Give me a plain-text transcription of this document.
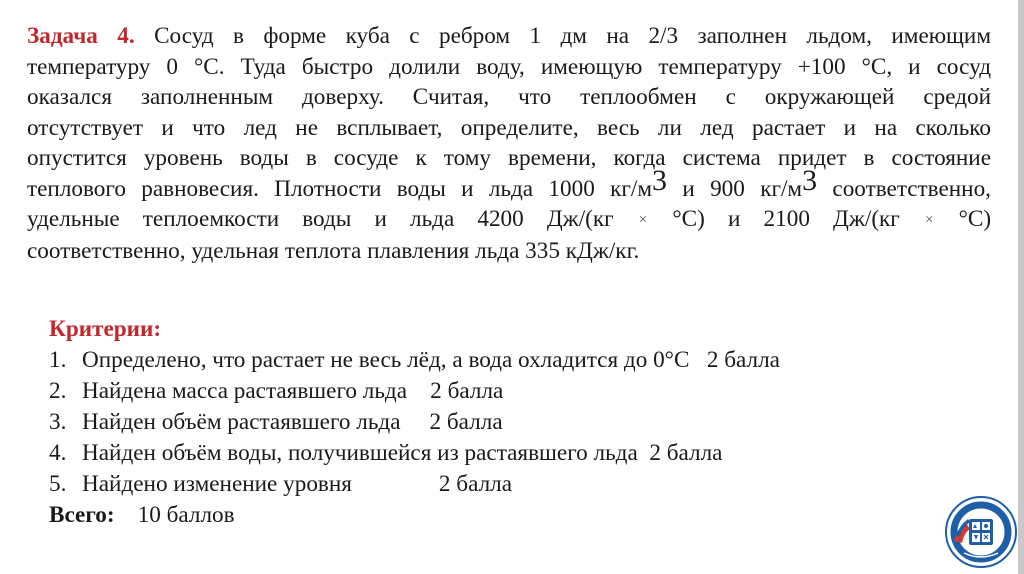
Задача 4. Сосуд в форме куба с ребром 1 дм на 2/3 заполнен льдом, имеющим
температуру 0 °С. Туда быстро долили воду, имеющую температуру +100 °С, и сосуд
оказался заполненным доверху. Считая, что теплообмен с окружающей средой
отсутствует и что лед не всплывает, определите, весь ли лед растает и на сколько
опустится уровень воды в сосуде к тому времени, когда система придет в состояние
теплового равновесия. Плотности воды и льда 1000 кг/м3 и 900 кг/м3 соответственно,
удельные теплоемкости воды и льда 4200 Дж/(кг × °С) и 2100 Дж/(кг × °С)
соответственно, удельная теплота плавления льда 335 кДж/кг.
Критерии:
1. Определено, что растает не весь лёд, а вода охладится до 0°С   2 балла
2. Найдена масса растаявшего льда    2 балла
3. Найден объём растаявшего льда     2 балла
4. Найден объём воды, получившейся из растаявшего льда  2 балла
5. Найдено изменение уровня               2 балла
Всего: 10 баллов
